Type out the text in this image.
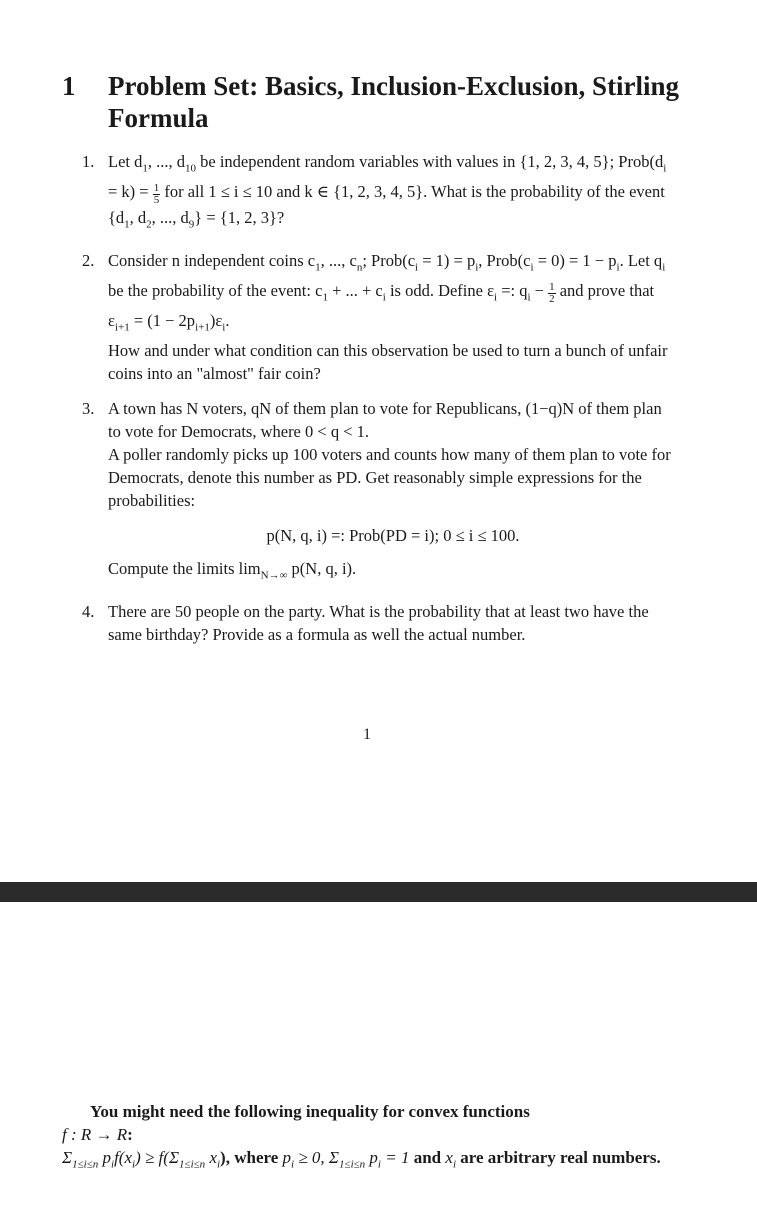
1 Problem Set: Basics, Inclusion-Exclusion, Stirling Formula
1. Let $d_1$, ..., $d_{10}$ be independent random variables with values in {1, 2, 3, 4, 5}; $Prob(d_i = k) = \frac{1}{5}$ for all 1 ≤ i ≤ 10 and k ∈ {1, 2, 3, 4, 5}. What is the probability of the event {$d_1$, $d_2$, ..., $d_9\} = \{1$, 2, 3}?
2. Consider n independent coins $c_1$, ..., $c_n$; $Prob(c_i = 1) = p_i$, $Prob(c_i = 0) = 1 - p_i$. Let $q_i$ be the probability of the event: $c_1$ + ... + $c_i$ is odd. Define $\varepsilon_i$ =: $q_i - \frac{1}{2}$ and prove that
$\varepsilon_{i+1} = (1 - 2p_{i+1})\varepsilon_i$.
How and under what condition can this observation be used to turn a bunch of unfair coins into an "almost" fair coin?
3. A town has N voters, qN of them plan to vote for Republicans, (1−q)N of them plan to vote for Democrats, where 0 < q < 1.
A poller randomly picks up 100 voters and counts how many of them plan to vote for Democrats, denote this number as PD. Get reasonably simple expressions for the probabilities:
p(N, q, i) =: Prob(PD = i); 0 ≤ i ≤ 100.
Compute the limits $\lim_{N\to\infty} p(N$, q, i).
4. There are 50 people on the party. What is the probability that at least two have the same birthday? Provide as a formula as well the actual number.
1
You might need the following inequality for convex functions
f : R → R:
$\Sigma_{1\le i\le n}$ $p_if(x_i) \ge f(\Sigma_{1\le i\le n}$ $x_i$), where $p_i \ge 0$, $\Sigma_{1\le i\le n}$ $p_i = 1$ and $x_i$ are arbitrary real numbers.
